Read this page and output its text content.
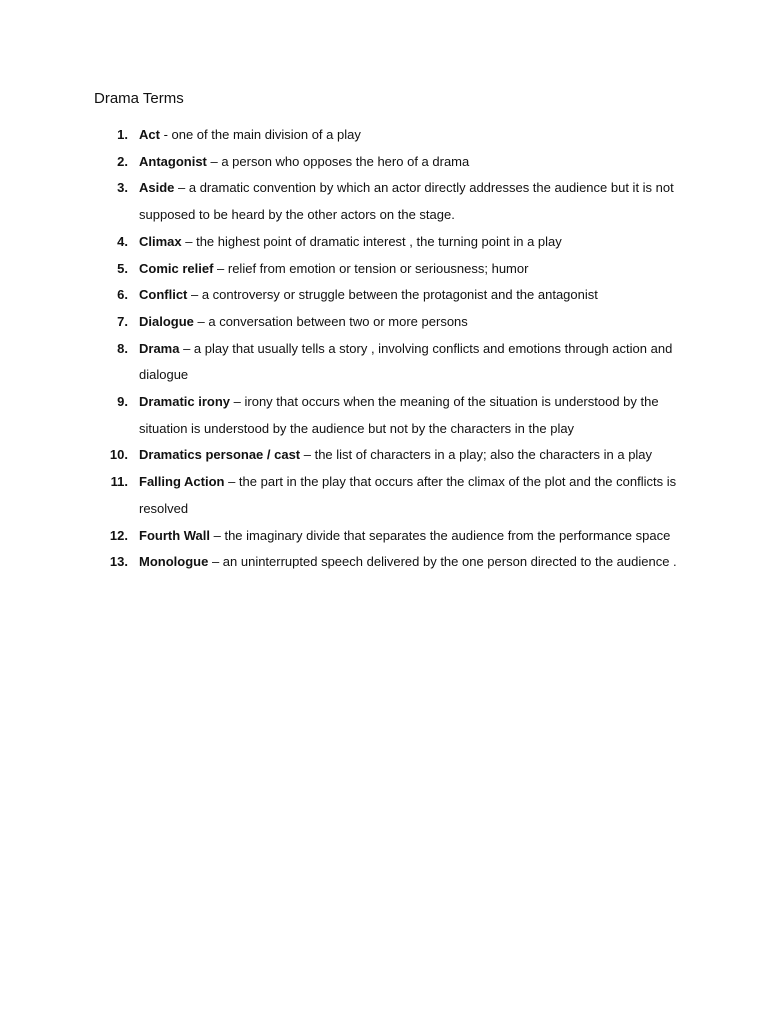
Drama Terms
1. Act - one of the main division of a play
2. Antagonist – a person who opposes the hero of a drama
3. Aside – a dramatic convention by which an actor directly addresses the audience but it is not supposed to be heard by the other actors on the stage.
4. Climax – the highest point of dramatic interest , the turning point in a play
5. Comic relief – relief from emotion or tension or seriousness; humor
6. Conflict – a controversy or struggle between the protagonist and the antagonist
7. Dialogue – a conversation between two or more persons
8. Drama – a play that usually tells a story , involving conflicts and emotions through action and dialogue
9. Dramatic irony – irony that occurs when the meaning of the situation is understood by the situation is understood by the audience but not by the characters in the play
10. Dramatics personae / cast – the list of characters in a play; also the characters in a play
11. Falling Action – the part in the play that occurs after the climax of the plot and the conflicts is resolved
12. Fourth Wall – the imaginary divide that separates the audience from the performance space
13. Monologue – an uninterrupted speech delivered by the one person directed to the audience .
